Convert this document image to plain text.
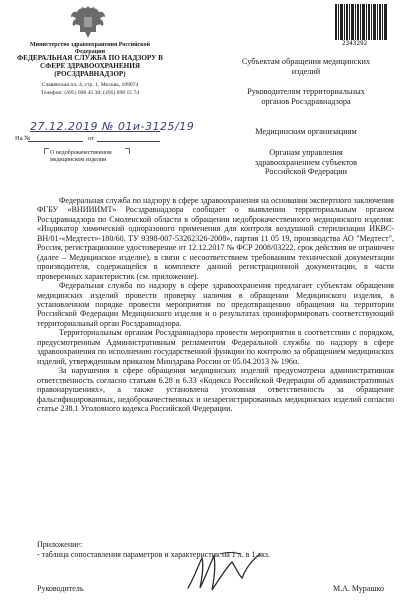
Министерство здравоохранения Российской Федерации
ФЕДЕРАЛЬНАЯ СЛУЖБА ПО НАДЗОРУ В СФЕРЕ ЗДРАВООХРАНЕНИЯ (РОСЗДРАВНАДЗОР)
Славянская пл. 4, стр. 1, Москва, 109074
Телефон: (495) 698 45 38; (495) 698 15 74
27.12.2019 № 01и-3125/19
На №	от
О недоброкачественном медицинском изделии
2343292
Субъектам обращения медицинских изделий
Руководителям территориальных органов Росздравнадзора
Медицинским организациям
Органам управления здравоохранением субъектов Российской Федерации

Федеральная служба по надзору в сфере здравоохранения на основании экспертного заключения ФГБУ «ВНИИИМТ» Росздравнадзора сообщает о выявлении территориальным органом Росздравнадзора по Смоленской области в обращении недоброкачественного медицинского изделия: «Индикатор химический одноразового применения для контроля воздушной стерилизации ИКВС-ВН/01-«Медтест»-180/60. ТУ 9398-007-53262326-2008», партия 11 05 19, производства АО "Медтест", Россия, регистрационное удостоверение от 12.12.2017 № ФСР 2008/03222, срок действия не ограничен (далее – Медицинское изделие), в связи с несоответствием требованиям технической документации производителя, содержащейся в комплекте данной регистрационной документации, в части проверенных характеристик (см. приложение).

Федеральная служба по надзору в сфере здравоохранения предлагает субъектам обращения медицинских изделий провести проверку наличия в обращении Медицинского изделия, в установленном порядке провести мероприятия по предотвращению обращения на территории Российской Федерации Медицинского изделия и о результатах проинформировать соответствующий территориальный орган Росздравнадзора.

Территориальным органам Росздравнадзора провести мероприятия в соответствии с порядком, предусмотренным Административным регламентом Федеральной службы по надзору в сфере здравоохранения по исполнению государственной функции по контролю за обращением медицинских изделий, утвержденным приказом Минздрава России от 05.04.2013 № 196н.

За нарушения в сфере обращения медицинских изделий предусмотрена административная ответственность согласно статьям 6.28 и 6.33 «Кодекса Российской Федерации об административных правонарушениях», а также установлена уголовная ответственность за обращение фальсифицированных, недоброкачественных и незарегистрированных медицинских изделий согласно статье 238.1 Уголовного кодекса Российской Федерации.

Приложение:
- таблица сопоставления параметров и характеристик на 1 л. в 1 экз.
Руководитель	М.А. Мурашко
